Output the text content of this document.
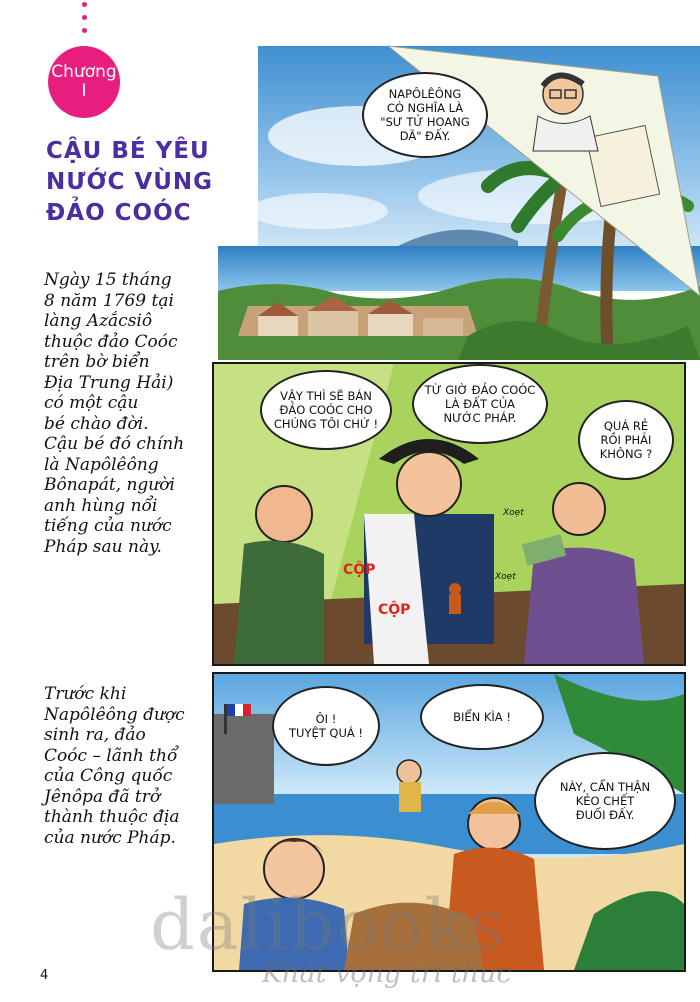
Chương
I
CẬU BÉ YÊU
NƯỚC VÙNG
ĐẢO COÓC
Ngày 15 tháng
8 năm 1769 tại
làng Azắcsiô
thuộc đảo Coóc
trên bờ biển
Địa Trung Hải)
có một cậu
bé chào đời.
Cậu bé đó chính
là Napôlêông
Bônapát, người
anh hùng nổi
tiếng của nước
Pháp sau này.
Trước khi
Napôlêông được
sinh ra, đảo
Coóc – lãnh thổ
của Công quốc
Jênôpa đã trở
thành thuộc địa
của nước Pháp.
NAPÔLÊÔNG
CÓ NGHĨA LÀ
"SƯ TỬ HOANG
DÃ" ĐẤY.
VẬY THÌ SẼ BÁN
ĐẢO COÓC CHO
CHÚNG TÔI CHỨ !
TỪ GIỜ ĐẢO COÓC
LÀ ĐẤT CỦA
NƯỚC PHÁP.
QUÁ RẺ
RỒI PHẢI
KHÔNG ?
CỘP
CỘP
Xoẹt
Xoẹt
ÔI !
TUYỆT QUÁ !
BIỂN KÌA !
NÀY, CẨN THẬN
KẺO CHẾT
ĐUỐI ĐẤY.
dalibooks
Khát vọng tri thức
4
